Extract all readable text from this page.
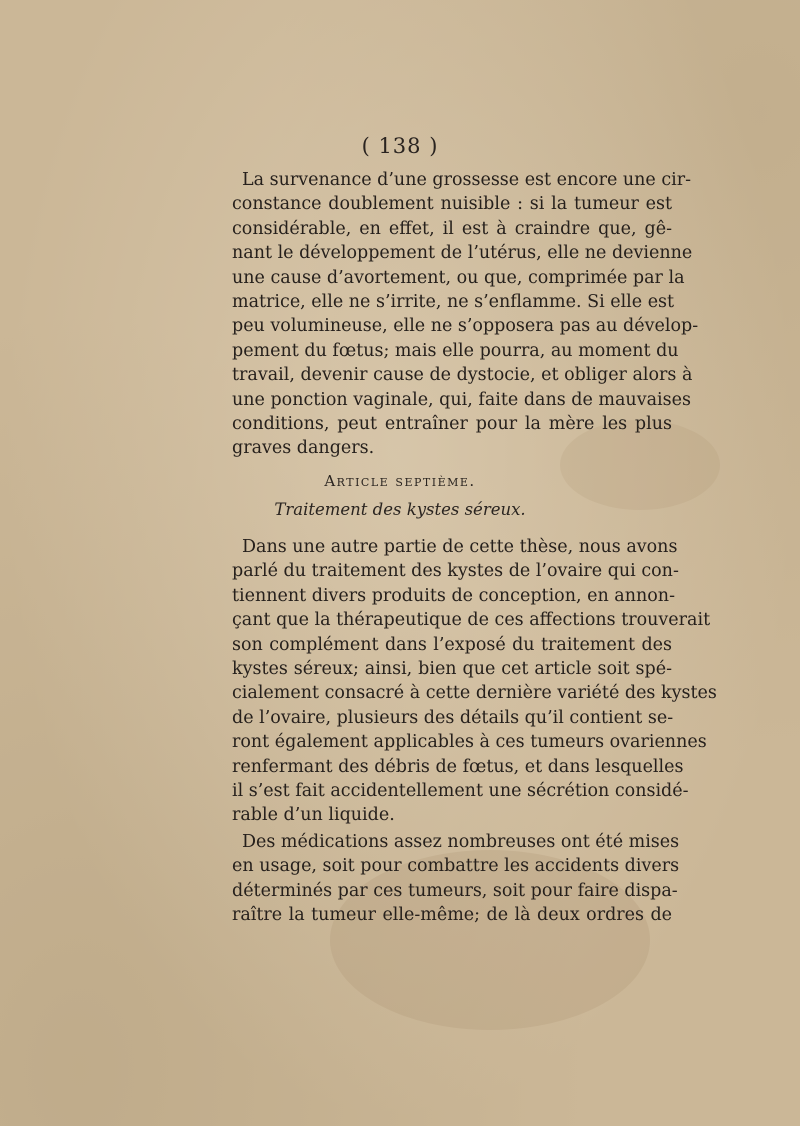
( 138 )
La survenance d’une grossesse est encore une cir-
constance doublement nuisible : si la tumeur est
considérable, en effet, il est à craindre que, gê-
nant le développement de l’utérus, elle ne devienne
une cause d’avortement, ou que, comprimée par la
matrice, elle ne s’irrite, ne s’enflamme. Si elle est
peu volumineuse, elle ne s’opposera pas au dévelop-
pement du fœtus; mais elle pourra, au moment du
travail, devenir cause de dystocie, et obliger alors à
une ponction vaginale, qui, faite dans de mauvaises
conditions, peut entraîner pour la mère les plus
graves dangers.
Article septième.
Traitement des kystes séreux.
Dans une autre partie de cette thèse, nous avons
parlé du traitement des kystes de l’ovaire qui con-
tiennent divers produits de conception, en annon-
çant que la thérapeutique de ces affections trouverait
son complément dans l’exposé du traitement des
kystes séreux; ainsi, bien que cet article soit spé-
cialement consacré à cette dernière variété des kystes
de l’ovaire, plusieurs des détails qu’il contient se-
ront également applicables à ces tumeurs ovariennes
renfermant des débris de fœtus, et dans lesquelles
il s’est fait accidentellement une sécrétion considé-
rable d’un liquide.
Des médications assez nombreuses ont été mises
en usage, soit pour combattre les accidents divers
déterminés par ces tumeurs, soit pour faire dispa-
raître la tumeur elle-même; de là deux ordres de
